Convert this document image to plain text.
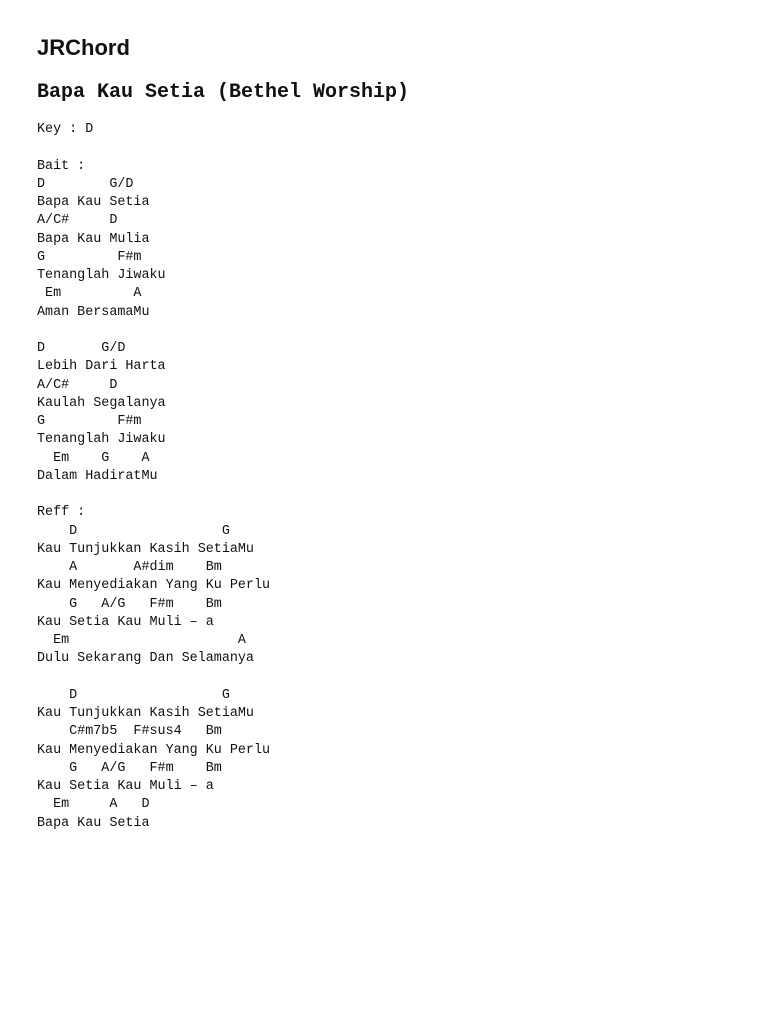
JRChord
Bapa Kau Setia (Bethel Worship)
Key : D

Bait :
D        G/D
Bapa Kau Setia
A/C#     D
Bapa Kau Mulia
G         F#m
Tenanglah Jiwaku
Em         A
Aman BersamaMu

D       G/D
Lebih Dari Harta
A/C#     D
Kaulah Segalanya
G         F#m
Tenanglah Jiwaku
Em    G    A
Dalam HadiratMu

Reff :
D                  G
Kau Tunjukkan Kasih SetiaMu
A       A#dim    Bm
Kau Menyediakan Yang Ku Perlu
G   A/G   F#m    Bm
Kau Setia Kau Muli – a
Em                     A
Dulu Sekarang Dan Selamanya

D                  G
Kau Tunjukkan Kasih SetiaMu
C#m7b5  F#sus4   Bm
Kau Menyediakan Yang Ku Perlu
G   A/G   F#m    Bm
Kau Setia Kau Muli – a
Em     A   D
Bapa Kau Setia
